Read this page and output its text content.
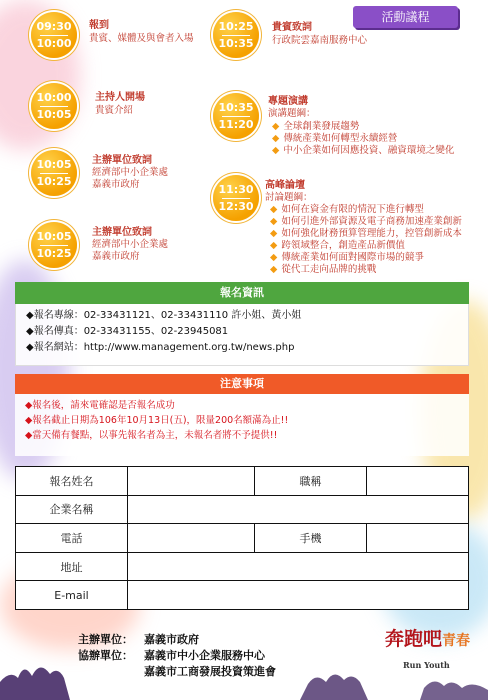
活動議程
09:30
10:00
報到
貴賓、媒體及與會者入場
10:00
10:05
主持人開場
貴賓介紹
10:05
10:25
主辦單位致詞
經濟部中小企業處
嘉義市政府
10:05
10:25
主辦單位致詞
經濟部中小企業處
嘉義市政府
10:25
10:35
貴賓致詞
行政院雲嘉南服務中心
10:35
11:20
專題演講
演講題綱：
◆ 全球創業發展趨勢
◆ 傳統產業如何轉型永續經營
◆ 中小企業如何因應投資、融資環境之變化
11:30
12:30
高峰論壇
討論題綱：
◆ 如何在資金有限的情況下進行轉型
◆ 如何引進外部資源及電子商務加速產業創新
◆ 如何強化財務預算管理能力，控管創新成本
◆ 跨領域整合，創造產品新價值
◆ 傳統產業如何面對國際市場的競爭
◆ 從代工走向品牌的挑戰
報名資訊
◆報名專線：02-33431121、02-33431110 許小姐、黃小姐
◆報名傳真：02-33431155、02-23945081
◆報名網站：http://www.management.org.tw/news.php
注意事項
◆報名後，請來電確認是否報名成功
◆報名截止日期為106年10月13日(五)，限量200名額滿為止!!
◆當天備有餐點，以事先報名者為主，未報名者將不予提供!!
報名姓名		職稱	
企業名稱			
電話		手機	
地址			
E-mail			
主辦單位： 嘉義市政府
協辦單位： 嘉義市中小企業服務中心
嘉義市工商發展投資策進會
奔跑吧青春
Run Youth
